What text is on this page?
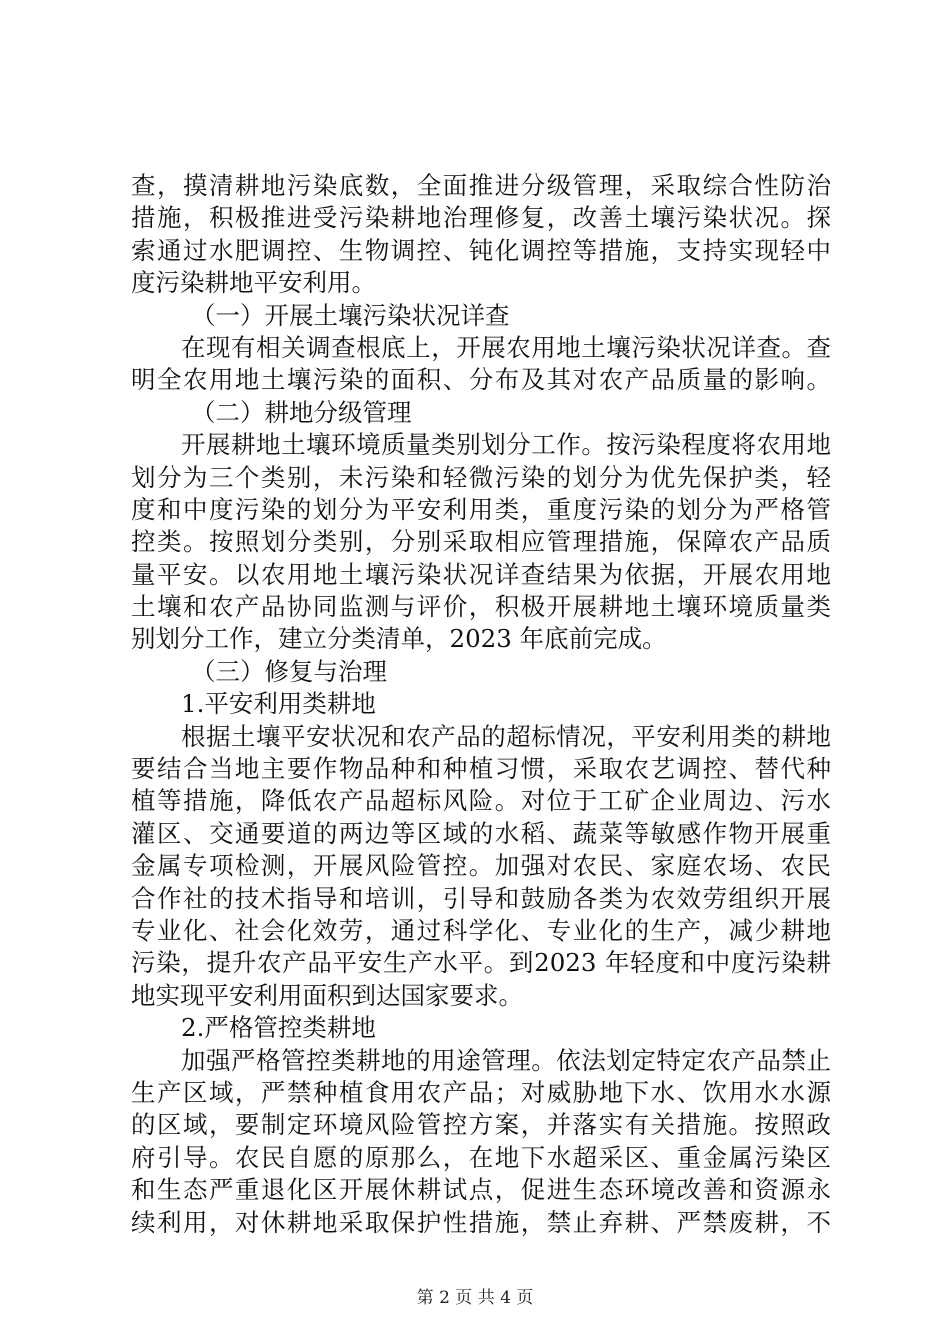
查，摸清耕地污染底数，全面推进分级管理，采取综合性防治
措施，积极推进受污染耕地治理修复，改善土壤污染状况。探
索通过水肥调控、生物调控、钝化调控等措施，支持实现轻中
度污染耕地平安利用。
（一）开展土壤污染状况详查
在现有相关调查根底上，开展农用地土壤污染状况详查。查
明全农用地土壤污染的面积、分布及其对农产品质量的影响。
（二）耕地分级管理
开展耕地土壤环境质量类别划分工作。按污染程度将农用地
划分为三个类别，未污染和轻微污染的划分为优先保护类，轻
度和中度污染的划分为平安利用类，重度污染的划分为严格管
控类。按照划分类别，分别采取相应管理措施，保障农产品质
量平安。以农用地土壤污染状况详查结果为依据，开展农用地
土壤和农产品协同监测与评价，积极开展耕地土壤环境质量类
别划分工作，建立分类清单，2023 年底前完成。
（三）修复与治理
1.平安利用类耕地
根据土壤平安状况和农产品的超标情况，平安利用类的耕地
要结合当地主要作物品种和种植习惯，采取农艺调控、替代种
植等措施，降低农产品超标风险。对位于工矿企业周边、污水
灌区、交通要道的两边等区域的水稻、蔬菜等敏感作物开展重
金属专项检测，开展风险管控。加强对农民、家庭农场、农民
合作社的技术指导和培训，引导和鼓励各类为农效劳组织开展
专业化、社会化效劳，通过科学化、专业化的生产，减少耕地
污染，提升农产品平安生产水平。到2023 年轻度和中度污染耕
地实现平安利用面积到达国家要求。
2.严格管控类耕地
加强严格管控类耕地的用途管理。依法划定特定农产品禁止
生产区域，严禁种植食用农产品；对威胁地下水、饮用水水源
的区域，要制定环境风险管控方案，并落实有关措施。按照政
府引导。农民自愿的原那么，在地下水超采区、重金属污染区
和生态严重退化区开展休耕试点，促进生态环境改善和资源永
续利用，对休耕地采取保护性措施，禁止弃耕、严禁废耕，不
第 2 页 共 4 页
